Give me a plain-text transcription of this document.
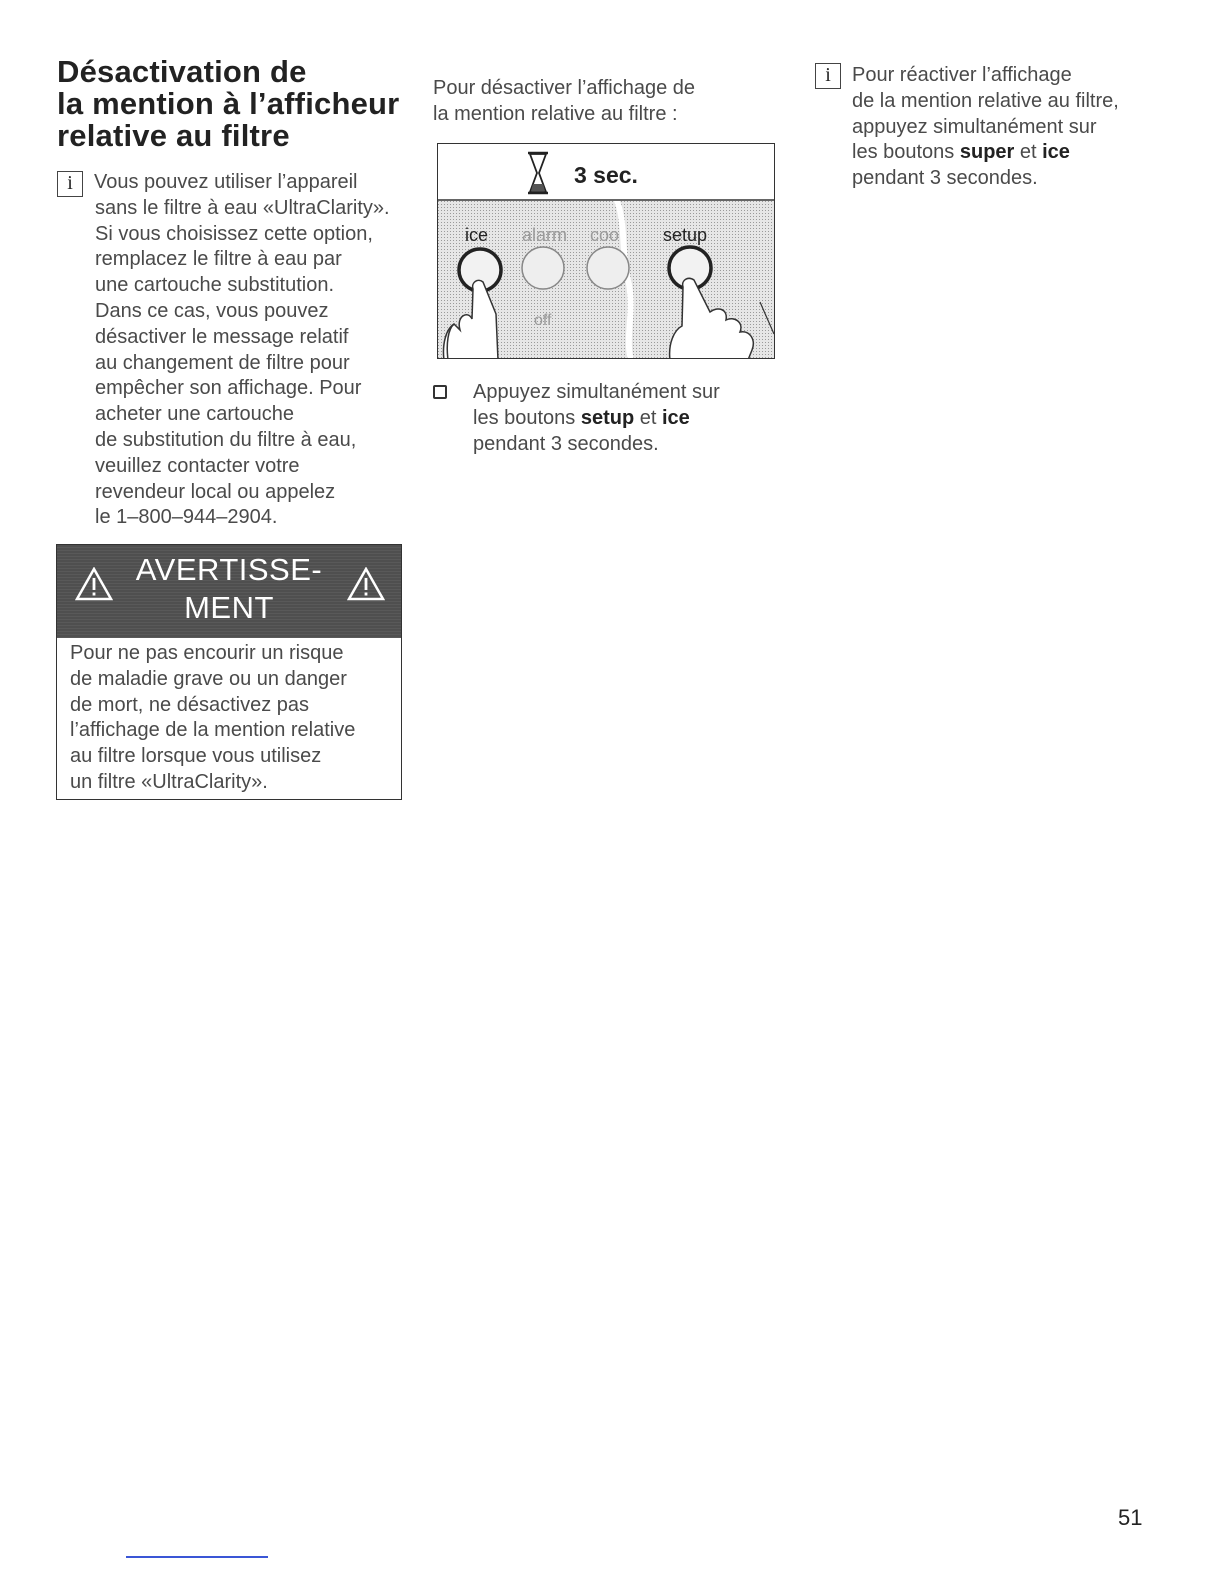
Désactivation de
la mention à l’afficheur
relative au filtre
i	Vous pouvez utiliser l’appareil
sans le filtre à eau «UltraClarity».
Si vous choisissez cette option,
remplacez le filtre à eau par
une cartouche substitution.
Dans ce cas, vous pouvez
désactiver le message relatif
au changement de filtre pour
empêcher son affichage. Pour
acheter une cartouche
de substitution du filtre à eau,
veuillez contacter votre
revendeur local ou appelez
le 1–800–944–2904.
AVERTISSE-
MENT
Pour ne pas encourir un risque
de maladie grave ou un danger
de mort, ne désactivez pas
l’affichage de la mention relative
au filtre lorsque vous utilisez
un filtre «UltraClarity».
Pour désactiver l’affichage de
la mention relative au filtre :
3 sec.
ice alarm coo setup
off
Appuyez simultanément sur
les boutons setup et ice
pendant 3 secondes.
i	Pour réactiver l’affichage
de la mention relative au filtre,
appuyez simultanément sur
les boutons super et ice
pendant 3 secondes.
51
